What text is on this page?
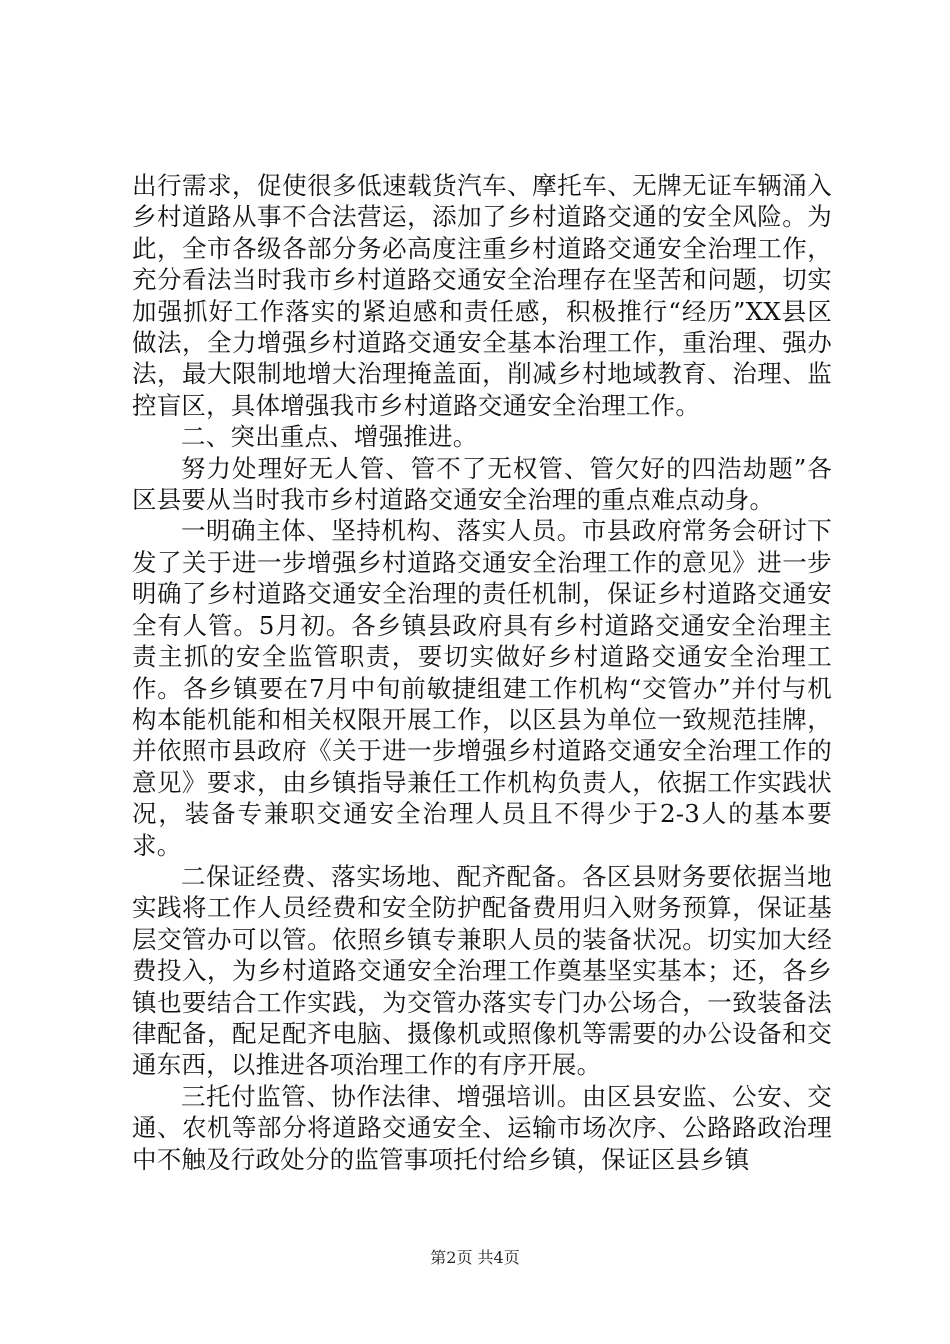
出行需求，促使很多低速载货汽车、摩托车、无牌无证车辆涌入乡村道路从事不合法营运，添加了乡村道路交通的安全风险。为此，全市各级各部分务必高度注重乡村道路交通安全治理工作，充分看法当时我市乡村道路交通安全治理存在坚苦和问题，切实加强抓好工作落实的紧迫感和责任感，积极推行“经历”XX县区做法，全力增强乡村道路交通安全基本治理工作，重治理、强办法，最大限制地增大治理掩盖面，削减乡村地域教育、治理、监控盲区，具体增强我市乡村道路交通安全治理工作。

二、突出重点、增强推进。

努力处理好无人管、管不了无权管、管欠好的四浩劫题”各区县要从当时我市乡村道路交通安全治理的重点难点动身。

一明确主体、坚持机构、落实人员。市县政府常务会研讨下发了关于进一步增强乡村道路交通安全治理工作的意见》进一步明确了乡村道路交通安全治理的责任机制，保证乡村道路交通安全有人管。5月初。各乡镇县政府具有乡村道路交通安全治理主责主抓的安全监管职责，要切实做好乡村道路交通安全治理工作。各乡镇要在7月中旬前敏捷组建工作机构“交管办”并付与机构本能机能和相关权限开展工作，以区县为单位一致规范挂牌，并依照市县政府《关于进一步增强乡村道路交通安全治理工作的意见》要求，由乡镇指导兼任工作机构负责人，依据工作实践状况，装备专兼职交通安全治理人员且不得少于2-3人的基本要求。

二保证经费、落实场地、配齐配备。各区县财务要依据当地实践将工作人员经费和安全防护配备费用归入财务预算，保证基层交管办可以管。依照乡镇专兼职人员的装备状况。切实加大经费投入，为乡村道路交通安全治理工作奠基坚实基本；还，各乡镇也要结合工作实践，为交管办落实专门办公场合，一致装备法律配备，配足配齐电脑、摄像机或照像机等需要的办公设备和交通东西，以推进各项治理工作的有序开展。

三托付监管、协作法律、增强培训。由区县安监、公安、交通、农机等部分将道路交通安全、运输市场次序、公路路政治理中不触及行政处分的监管事项托付给乡镇，保证区县乡镇

第2页 共4页
